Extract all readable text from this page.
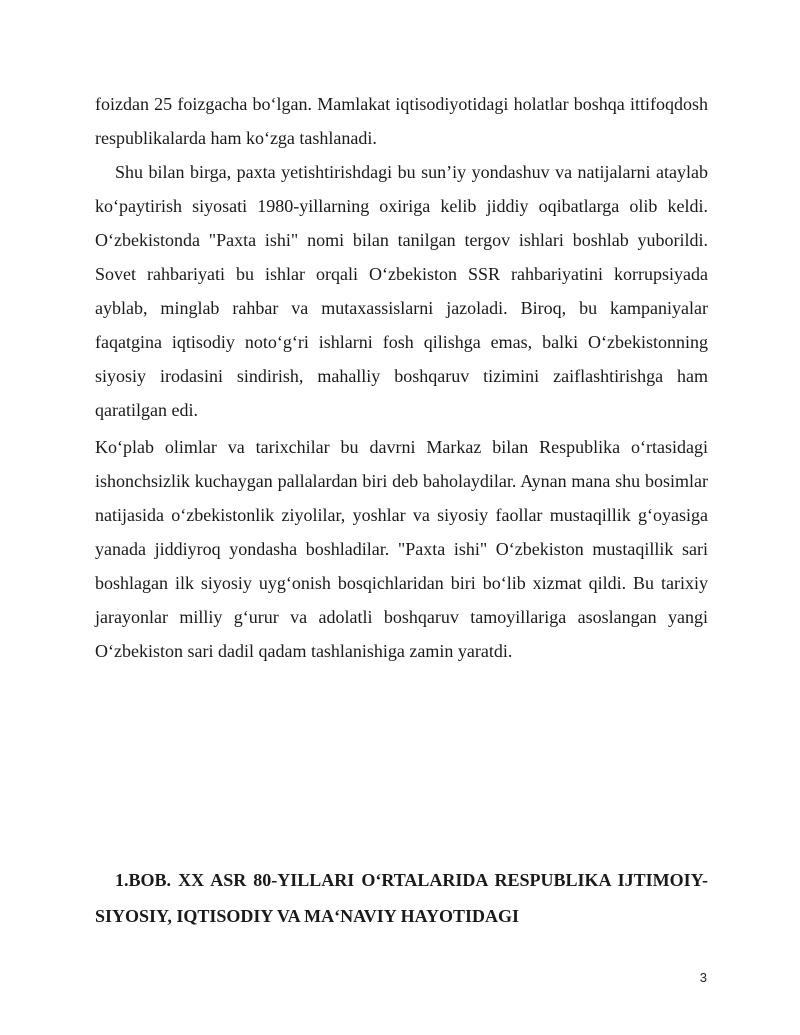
foizdan 25 foizgacha bo‘lgan. Mamlakat iqtisodiyotidagi holatlar boshqa ittifoqdosh respublikalarda ham ko‘zga tashlanadi.

Shu bilan birga, paxta yetishtirishdagi bu sun’iy yondashuv va natijalarni ataylab ko‘paytirish siyosati 1980-yillarning oxiriga kelib jiddiy oqibatlarga olib keldi. O‘zbekistonda "Paxta ishi" nomi bilan tanilgan tergov ishlari boshlab yuborildi. Sovet rahbariyati bu ishlar orqali O‘zbekiston SSR rahbariyatini korrupsiyada ayblab, minglab rahbar va mutaxassislarni jazoladi. Biroq, bu kampaniyalar faqatgina iqtisodiy noto‘g‘ri ishlarni fosh qilishga emas, balki O‘zbekistonning siyosiy irodasini sindirish, mahalliy boshqaruv tizimini zaiflashtirishga ham qaratilgan edi.

Ko‘plab olimlar va tarixchilar bu davrni Markaz bilan Respublika o‘rtasidagi ishonchsizlik kuchaygan pallalardan biri deb baholaydilar. Aynan mana shu bosimlar natijasida o‘zbekistonlik ziyolilar, yoshlar va siyosiy faollar mustaqillik g‘oyasiga yanada jiddiyroq yondasha boshladilar. "Paxta ishi" O‘zbekiston mustaqillik sari boshlagan ilk siyosiy uyg‘onish bosqichlaridan biri bo‘lib xizmat qildi. Bu tarixiy jarayonlar milliy g‘urur va adolatli boshqaruv tamoyillariga asoslangan yangi O‘zbekiston sari dadil qadam tashlanishiga zamin yaratdi.

1.BOB. XX ASR 80-YILLARI O‘RTALARIDA RESPUBLIKA IJTIMOIY-SIYOSIY, IQTISODIY VA MA‘NAVIY HAYOTIDAGI
3
